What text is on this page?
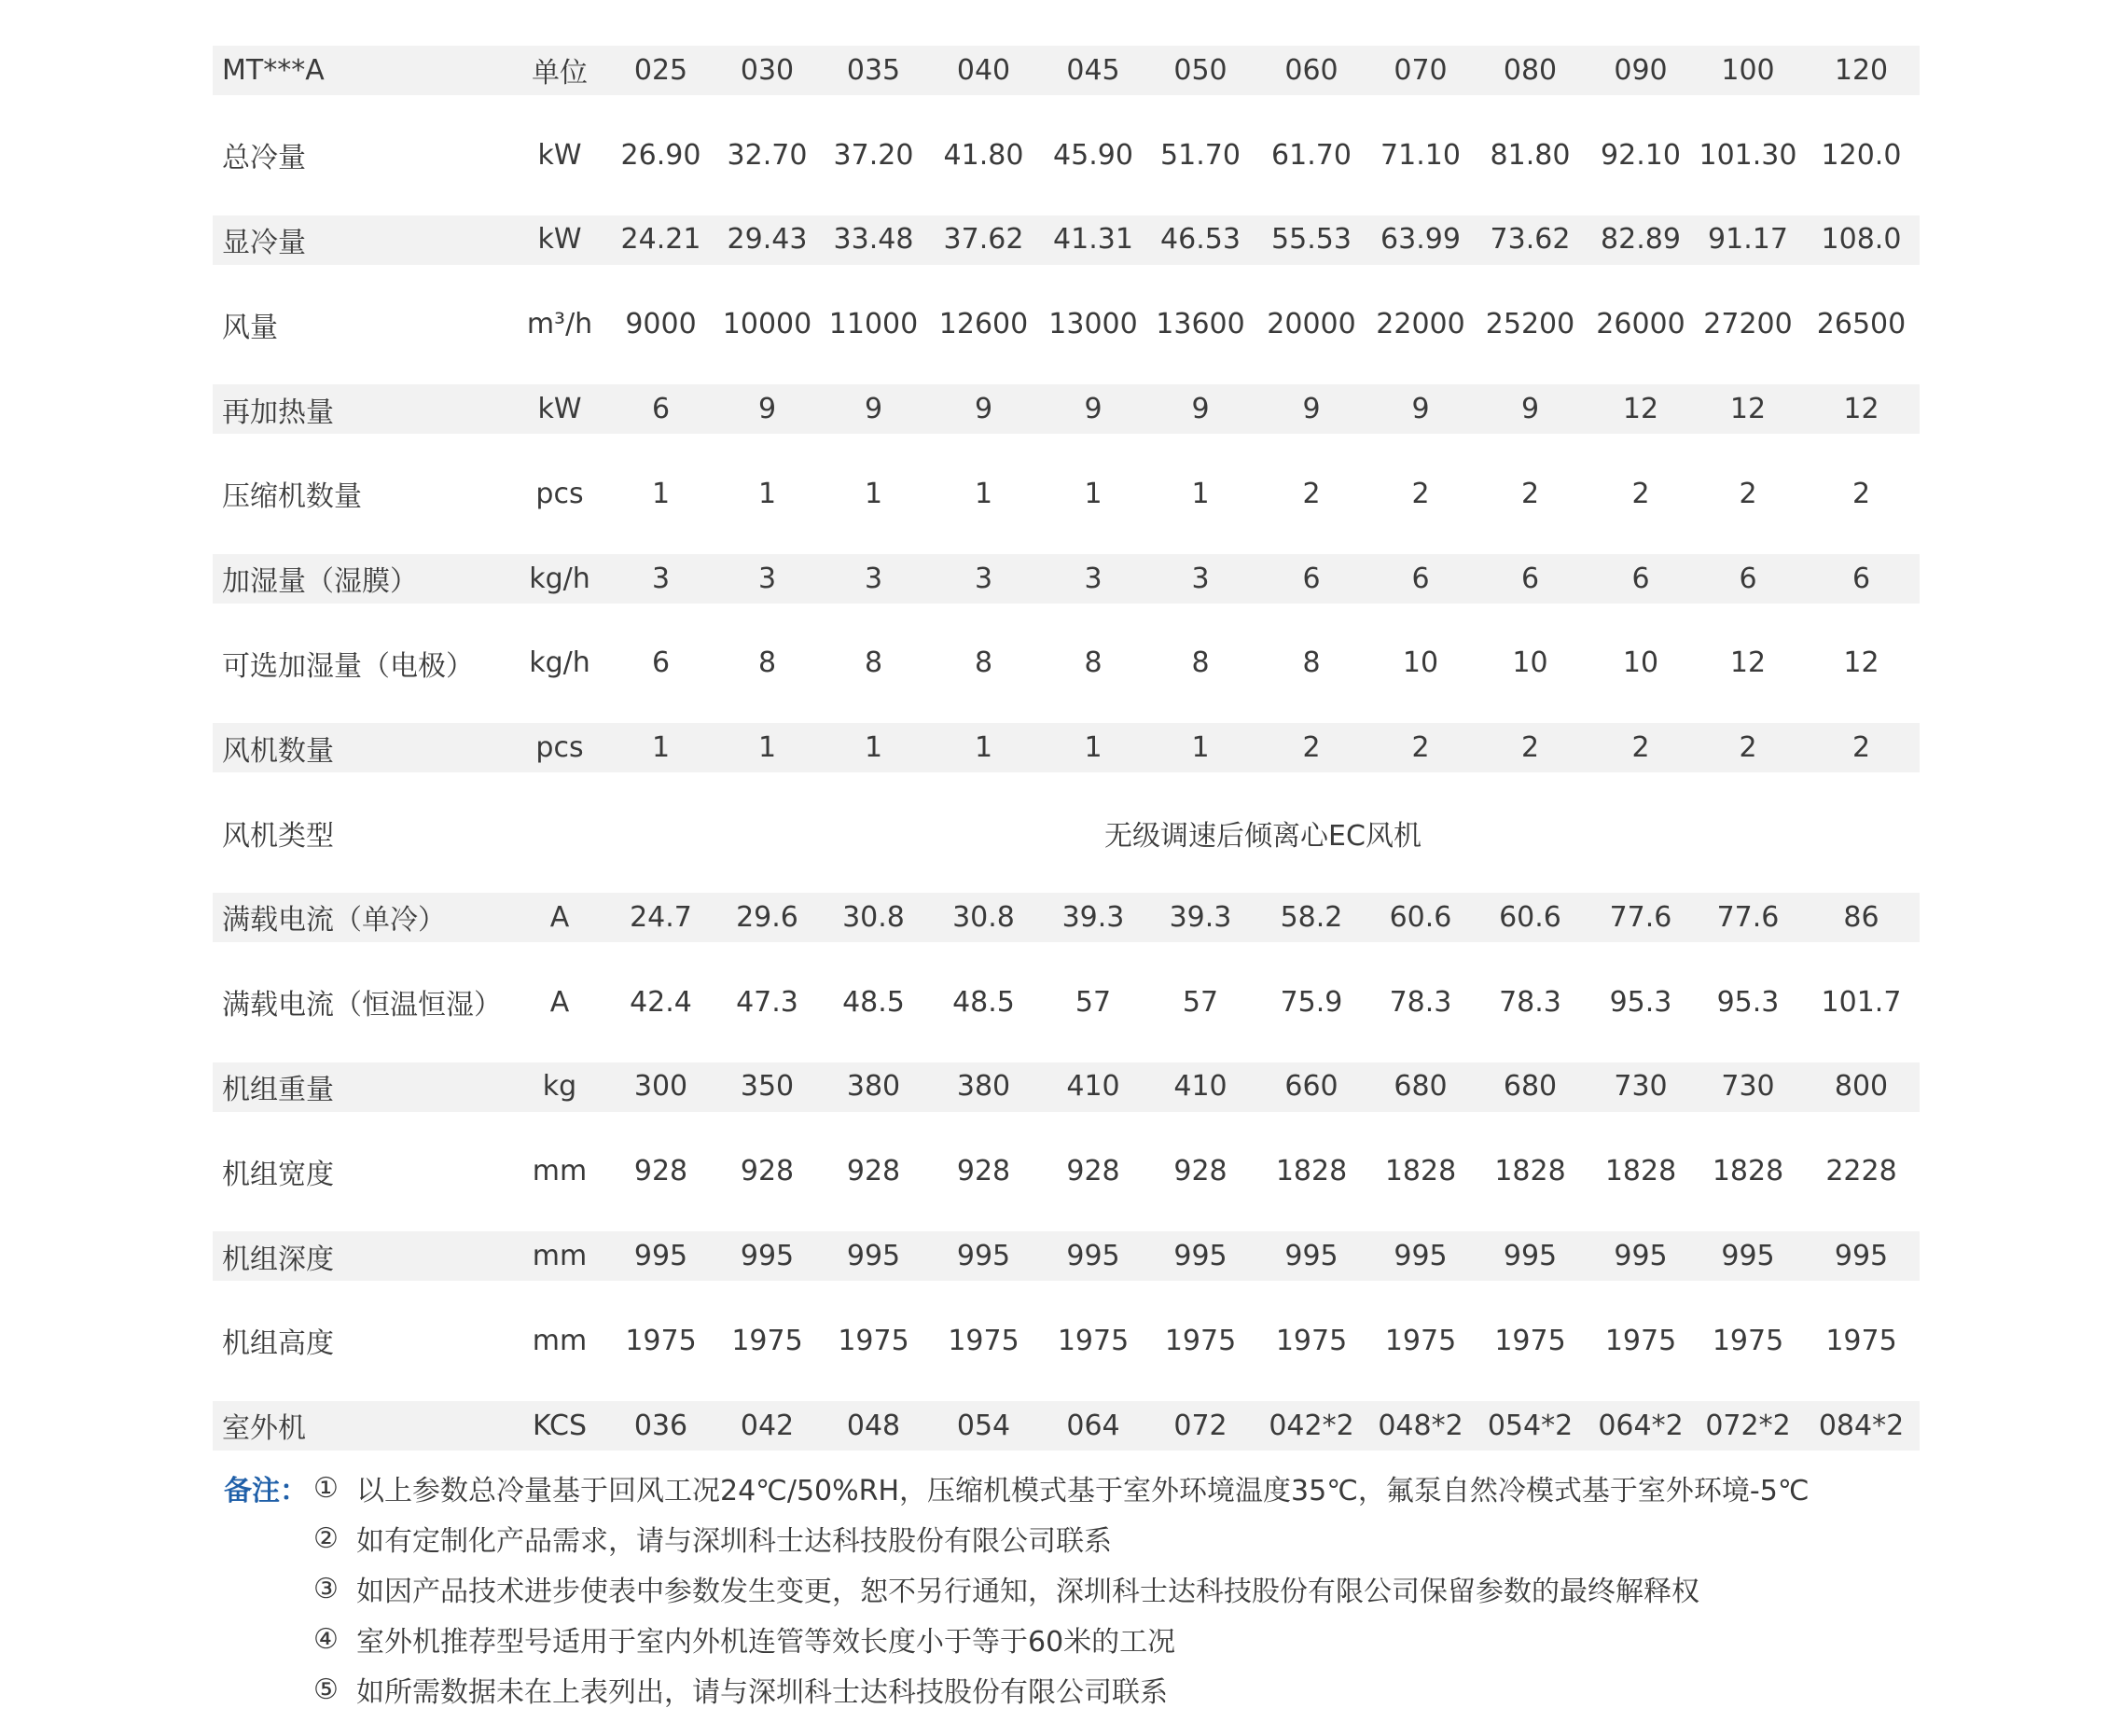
MT***A	单位	025	030	035	040	045	050	060	070	080	090	100	120
总冷量	kW	26.90	32.70	37.20	41.80	45.90	51.70	61.70	71.10	81.80	92.10	101.30	120.0
显冷量	kW	24.21	29.43	33.48	37.62	41.31	46.53	55.53	63.99	73.62	82.89	91.17	108.0
风量	m³/h	9000	10000	11000	12600	13000	13600	20000	22000	25200	26000	27200	26500
再加热量	kW	6	9	9	9	9	9	9	9	9	12	12	12
压缩机数量	pcs	1	1	1	1	1	1	2	2	2	2	2	2
加湿量（湿膜）	kg/h	3	3	3	3	3	3	6	6	6	6	6	6
可选加湿量（电极）	kg/h	6	8	8	8	8	8	8	10	10	10	12	12
风机数量	pcs	1	1	1	1	1	1	2	2	2	2	2	2
风机类型		无级调速后倾离心EC风机											
满载电流（单冷）	A	24.7	29.6	30.8	30.8	39.3	39.3	58.2	60.6	60.6	77.6	77.6	86
满载电流（恒温恒湿）	A	42.4	47.3	48.5	48.5	57	57	75.9	78.3	78.3	95.3	95.3	101.7
机组重量	kg	300	350	380	380	410	410	660	680	680	730	730	800
机组宽度	mm	928	928	928	928	928	928	1828	1828	1828	1828	1828	2228
机组深度	mm	995	995	995	995	995	995	995	995	995	995	995	995
机组高度	mm	1975	1975	1975	1975	1975	1975	1975	1975	1975	1975	1975	1975
室外机	KCS	036	042	048	054	064	072	042*2	048*2	054*2	064*2	072*2	084*2
备注： ① 以上参数总冷量基于回风工况24℃/50%RH，压缩机模式基于室外环境温度35℃，氟泵自然冷模式基于室外环境-5℃
② 如有定制化产品需求，请与深圳科士达科技股份有限公司联系
③ 如因产品技术进步使表中参数发生变更，恕不另行通知，深圳科士达科技股份有限公司保留参数的最终解释权
④ 室外机推荐型号适用于室内外机连管等效长度小于等于60米的工况
⑤ 如所需数据未在上表列出，请与深圳科士达科技股份有限公司联系
